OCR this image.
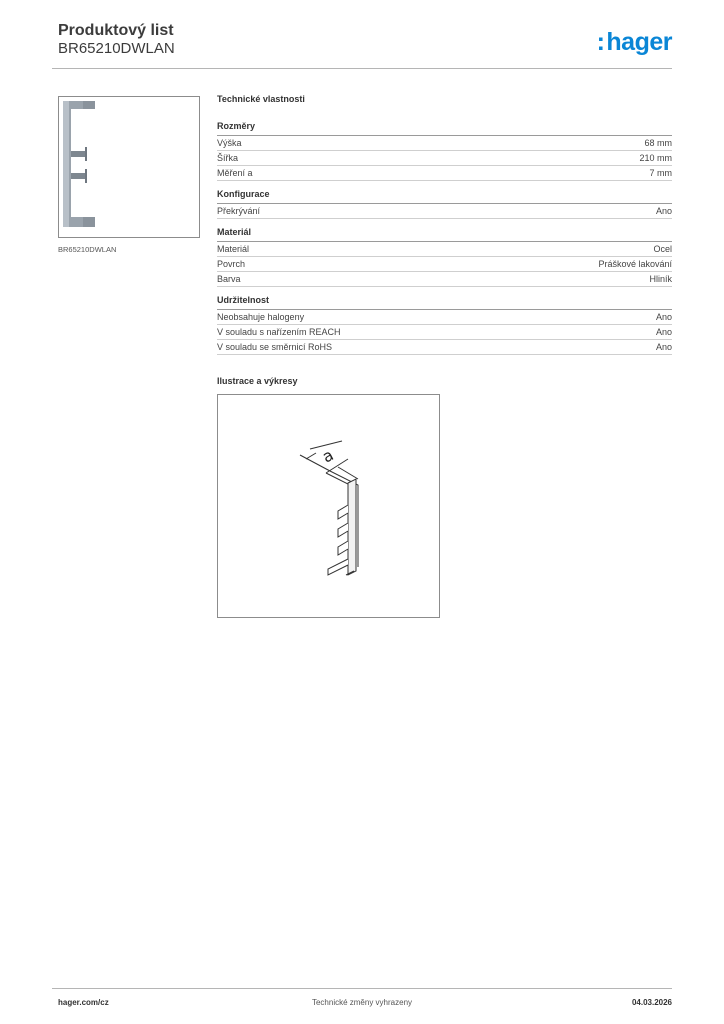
Produktový list
BR65210DWLAN	:hager
BR65210DWLAN
Technické vlastnosti
Rozměry
Výška	68 mm
Šířka	210 mm
Měření a	7 mm
Konfigurace
Překrývání	Ano
Materiál
Materiál	Ocel
Povrch	Práškové lakování
Barva	Hliník
Udržitelnost
Neobsahuje halogeny	Ano
V souladu s nařízením REACH	Ano
V souladu se směrnicí RoHS	Ano
Ilustrace a výkresy
a
hager.com/cz	Technické změny vyhrazeny	04.03.2026
